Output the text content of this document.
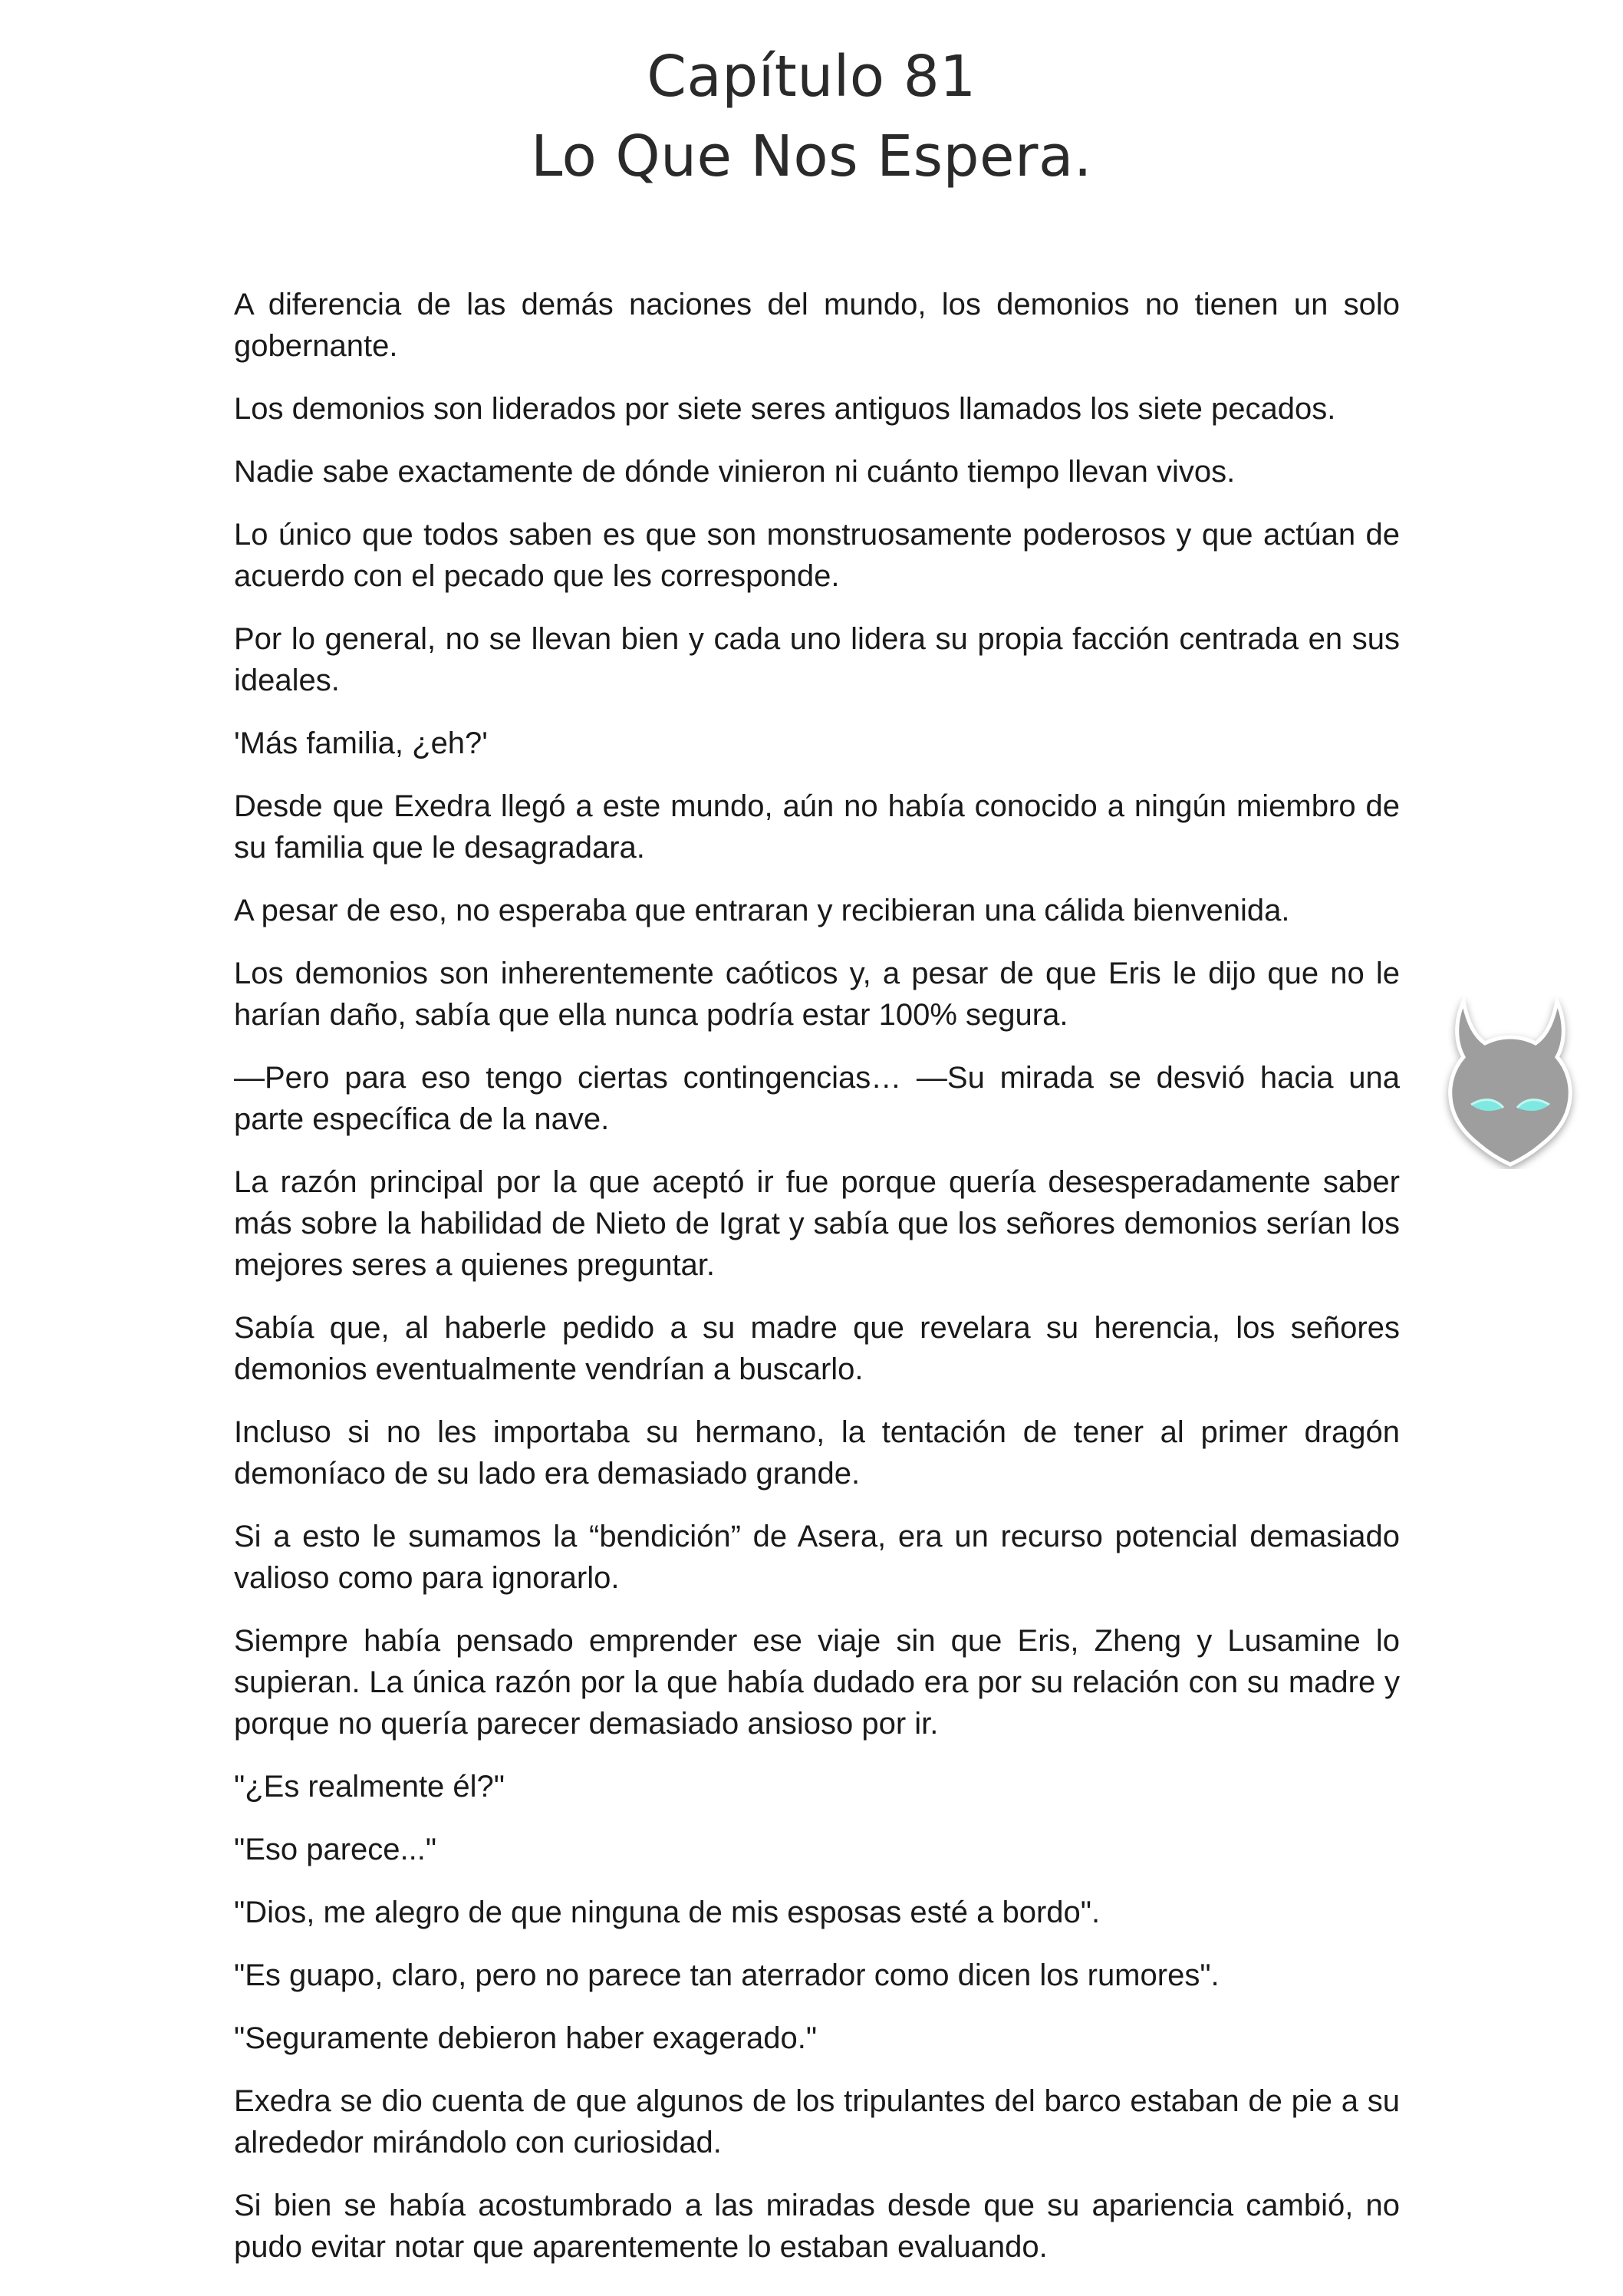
Capítulo 81
Lo Que Nos Espera.

A diferencia de las demás naciones del mundo, los demonios no tienen un solo gobernante.

Los demonios son liderados por siete seres antiguos llamados los siete pecados.

Nadie sabe exactamente de dónde vinieron ni cuánto tiempo llevan vivos.

Lo único que todos saben es que son monstruosamente poderosos y que actúan de acuerdo con el pecado que les corresponde.

Por lo general, no se llevan bien y cada uno lidera su propia facción centrada en sus ideales.

'Más familia, ¿eh?'

Desde que Exedra llegó a este mundo, aún no había conocido a ningún miembro de su familia que le desagradara.

A pesar de eso, no esperaba que entraran y recibieran una cálida bienvenida.

Los demonios son inherentemente caóticos y, a pesar de que Eris le dijo que no le harían daño, sabía que ella nunca podría estar 100% segura.

—Pero para eso tengo ciertas contingencias… —Su mirada se desvió hacia una parte específica de la nave.

La razón principal por la que aceptó ir fue porque quería desesperadamente saber más sobre la habilidad de Nieto de Igrat y sabía que los señores demonios serían los mejores seres a quienes preguntar.

Sabía que, al haberle pedido a su madre que revelara su herencia, los señores demonios eventualmente vendrían a buscarlo.

Incluso si no les importaba su hermano, la tentación de tener al primer dragón demoníaco de su lado era demasiado grande.

Si a esto le sumamos la “bendición” de Asera, era un recurso potencial demasiado valioso como para ignorarlo.

Siempre había pensado emprender ese viaje sin que Eris, Zheng y Lusamine lo supieran. La única razón por la que había dudado era por su relación con su madre y porque no quería parecer demasiado ansioso por ir.

"¿Es realmente él?"

"Eso parece..."

"Dios, me alegro de que ninguna de mis esposas esté a bordo".

"Es guapo, claro, pero no parece tan aterrador como dicen los rumores".

"Seguramente debieron haber exagerado."

Exedra se dio cuenta de que algunos de los tripulantes del barco estaban de pie a su alrededor mirándolo con curiosidad.

Si bien se había acostumbrado a las miradas desde que su apariencia cambió, no pudo evitar notar que aparentemente lo estaban evaluando.
